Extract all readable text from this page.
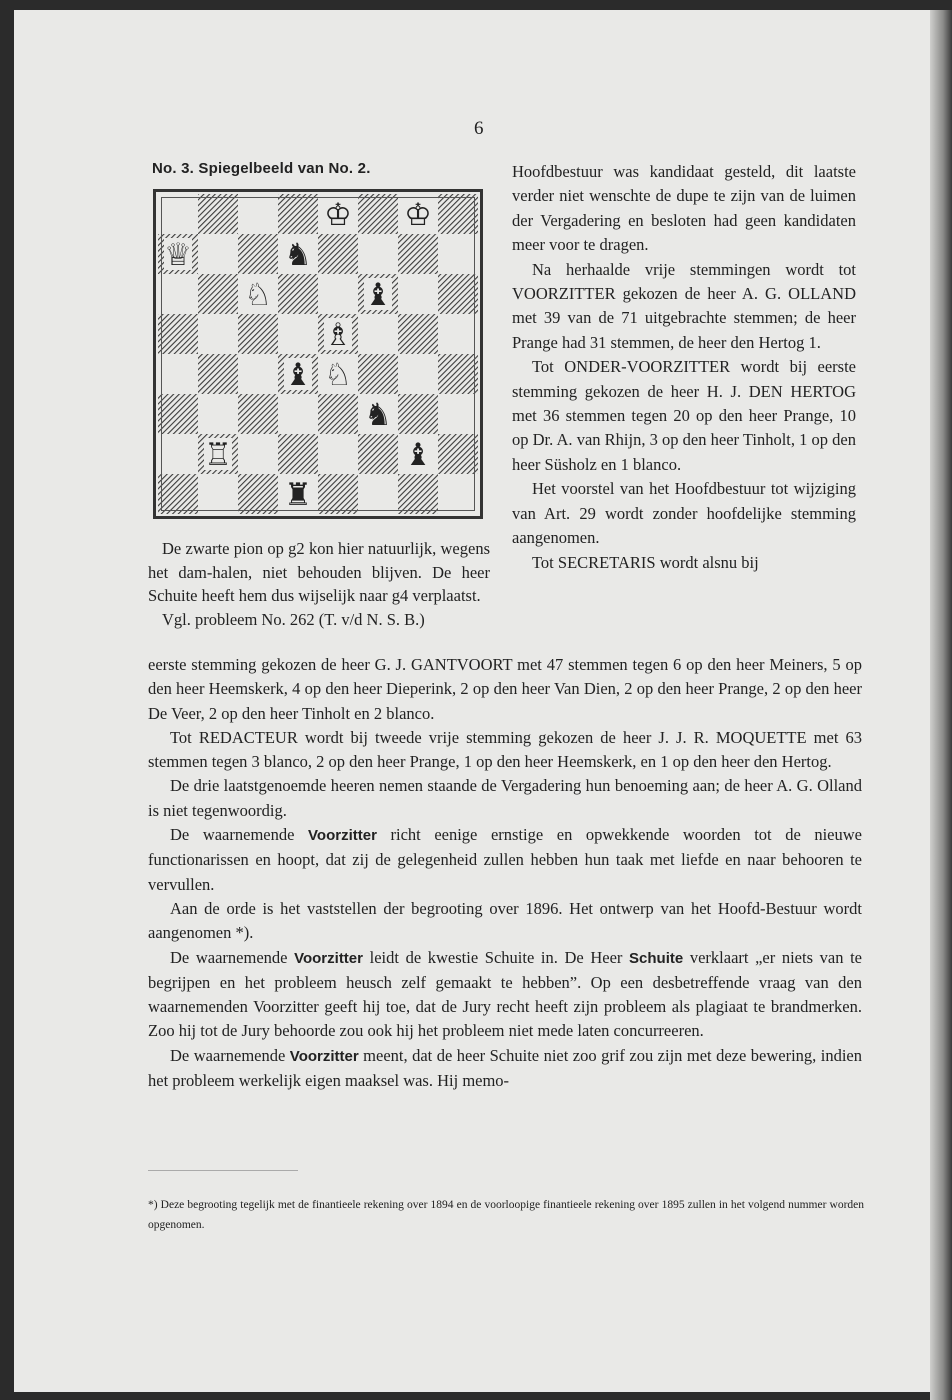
6
No. 3. Spiegelbeeld van No. 2.
♔ ♔
♕	♞
♘	♝
♗
♝ ♘
♞
♖	♝
♜

De zwarte pion op g2 kon hier natuurlijk, wegens het dam-halen, niet behouden blijven. De heer Schuite heeft hem dus wijselijk naar g4 verplaatst.

Vgl. probleem No. 262 (T. v/d N. S. B.)

Hoofdbestuur was kandidaat gesteld, dit laatste verder niet wenschte de dupe te zijn van de luimen der Vergadering en besloten had geen kandidaten meer voor te dragen.

Na herhaalde vrije stemmingen wordt tot VOORZITTER gekozen de heer A. G. OLLAND met 39 van de 71 uitgebrachte stemmen; de heer Prange had 31 stemmen, de heer den Hertog 1.

Tot ONDER-VOORZITTER wordt bij eerste stemming gekozen de heer H. J. DEN HERTOG met 36 stemmen tegen 20 op den heer Prange, 10 op Dr. A. van Rhijn, 3 op den heer Tinholt, 1 op den heer Süsholz en 1 blanco.

Het voorstel van het Hoofdbestuur tot wijziging van Art. 29 wordt zonder hoofdelijke stemming aangenomen.

Tot SECRETARIS wordt alsnu bij

eerste stemming gekozen de heer G. J. GANTVOORT met 47 stemmen tegen 6 op den heer Meiners, 5 op den heer Heemskerk, 4 op den heer Dieperink, 2 op den heer Van Dien, 2 op den heer Prange, 2 op den heer De Veer, 2 op den heer Tinholt en 2 blanco.

Tot REDACTEUR wordt bij tweede vrije stemming gekozen de heer J. J. R. MOQUETTE met 63 stemmen tegen 3 blanco, 2 op den heer Prange, 1 op den heer Heemskerk, en 1 op den heer den Hertog.

De drie laatstgenoemde heeren nemen staande de Vergadering hun benoeming aan; de heer A. G. Olland is niet tegenwoordig.

De waarnemende Voorzitter richt eenige ernstige en opwekkende woorden tot de nieuwe functionarissen en hoopt, dat zij de gelegenheid zullen hebben hun taak met liefde en naar behooren te vervullen.

Aan de orde is het vaststellen der begrooting over 1896. Het ontwerp van het Hoofd-Bestuur wordt aangenomen *).

De waarnemende Voorzitter leidt de kwestie Schuite in. De Heer Schuite verklaart „er niets van te begrijpen en het probleem heusch zelf gemaakt te hebben”. Op een desbetreffende vraag van den waarnemenden Voorzitter geeft hij toe, dat de Jury recht heeft zijn probleem als plagiaat te brandmerken. Zoo hij tot de Jury behoorde zou ook hij het probleem niet mede laten concurreeren.

De waarnemende Voorzitter meent, dat de heer Schuite niet zoo grif zou zijn met deze bewering, indien het probleem werkelijk eigen maaksel was. Hij memo-

*) Deze begrooting tegelijk met de finantieele rekening over 1894 en de voorloopige finantieele rekening over 1895 zullen in het volgend nummer worden opgenomen.
